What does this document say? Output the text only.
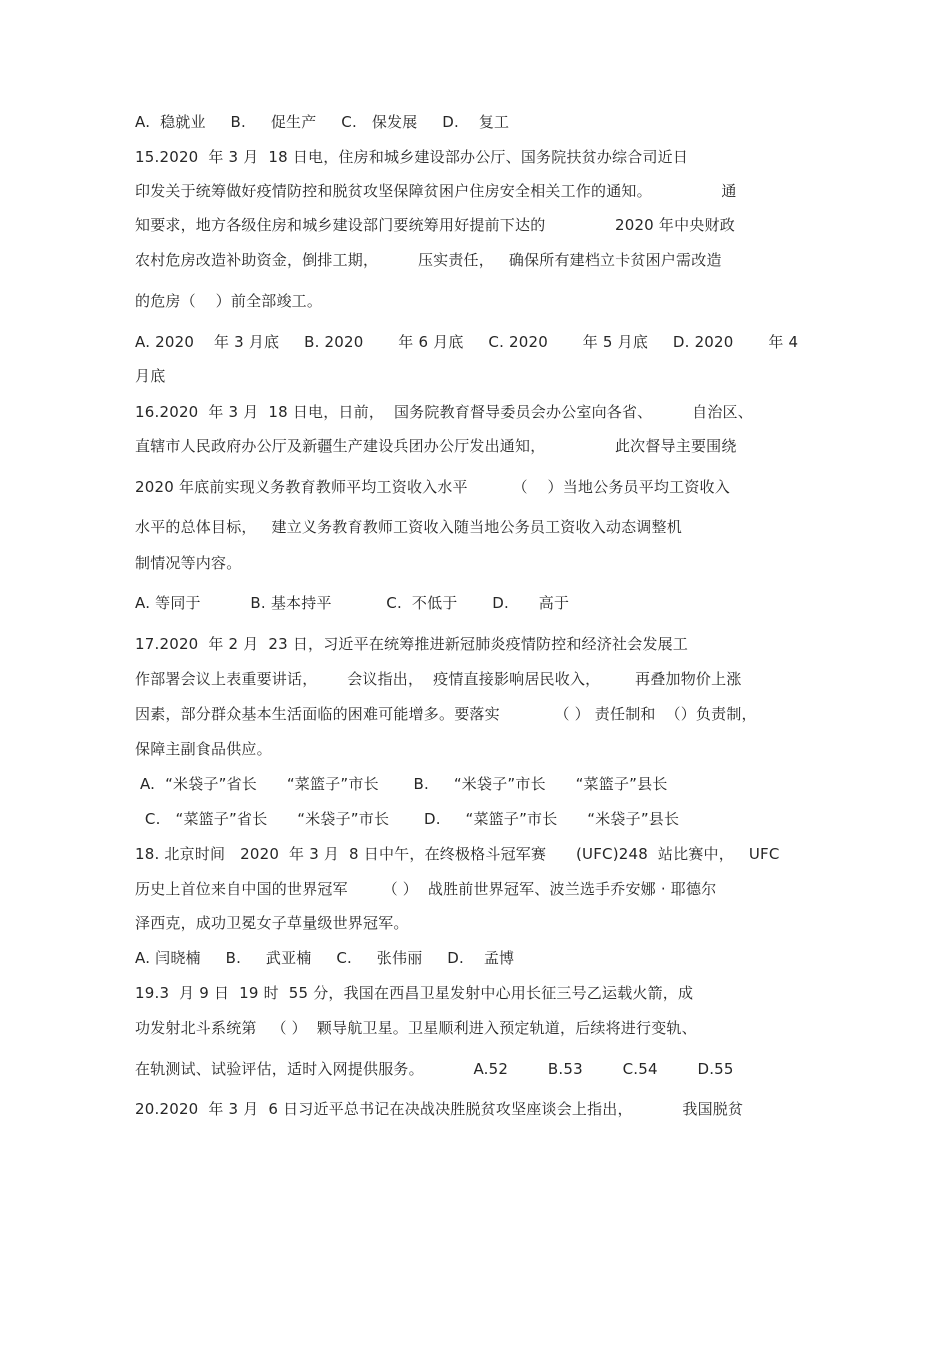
A.  稳就业     B.     促生产     C.   保发展     D.    复工
15.2020  年 3 月  18 日电，住房和城乡建设部办公厅、国务院扶贫办综合司近日
印发关于统筹做好疫情防控和脱贫攻坚保障贫困户住房安全相关工作的通知。              通
知要求，地方各级住房和城乡建设部门要统筹用好提前下达的              2020 年中央财政
农村危房改造补助资金，倒排工期，        压实责任，   确保所有建档立卡贫困户需改造
的危房（    ）前全部竣工。
A. 2020    年 3 月底     B. 2020       年 6 月底     C. 2020       年 5 月底     D. 2020       年 4
月底
16.2020  年 3 月  18 日电，日前，  国务院教育督导委员会办公室向各省、        自治区、
直辖市人民政府办公厅及新疆生产建设兵团办公厅发出通知，              此次督导主要围绕
2020 年底前实现义务教育教师平均工资收入水平         （    ）当地公务员平均工资收入
水平的总体目标，   建立义务教育教师工资收入随当地公务员工资收入动态调整机
制情况等内容。
A. 等同于          B. 基本持平           C.  不低于       D.      高于
17.2020  年 2 月  23 日，习近平在统筹推进新冠肺炎疫情防控和经济社会发展工
作部署会议上表重要讲话，      会议指出，  疫情直接影响居民收入，       再叠加物价上涨
因素，部分群众基本生活面临的困难可能增多。要落实           （ ） 责任制和  （）负责制，
保障主副食品供应。
A.  “米袋子”省长      “菜篮子”市长       B.     “米袋子”市长      “菜篮子”县长
C.   “菜篮子”省长      “米袋子”市长       D.     “菜篮子”市长      “米袋子”县长
18. 北京时间   2020  年 3 月  8 日中午，在终极格斗冠军赛      (UFC)248  站比赛中，   UFC
历史上首位来自中国的世界冠军       （ ）  战胜前世界冠军、波兰选手乔安娜 · 耶德尔
泽西克，成功卫冕女子草量级世界冠军。
A. 闫晓楠     B.     武亚楠     C.     张伟丽     D.    孟博
19.3  月 9 日  19 时  55 分，我国在西昌卫星发射中心用长征三号乙运载火箭，成
功发射北斗系统第   （ ）  颗导航卫星。卫星顺利进入预定轨道，后续将进行变轨、
在轨测试、试验评估，适时入网提供服务。          A.52        B.53        C.54        D.55
20.2020  年 3 月  6 日习近平总书记在决战决胜脱贫攻坚座谈会上指出，          我国脱贫
